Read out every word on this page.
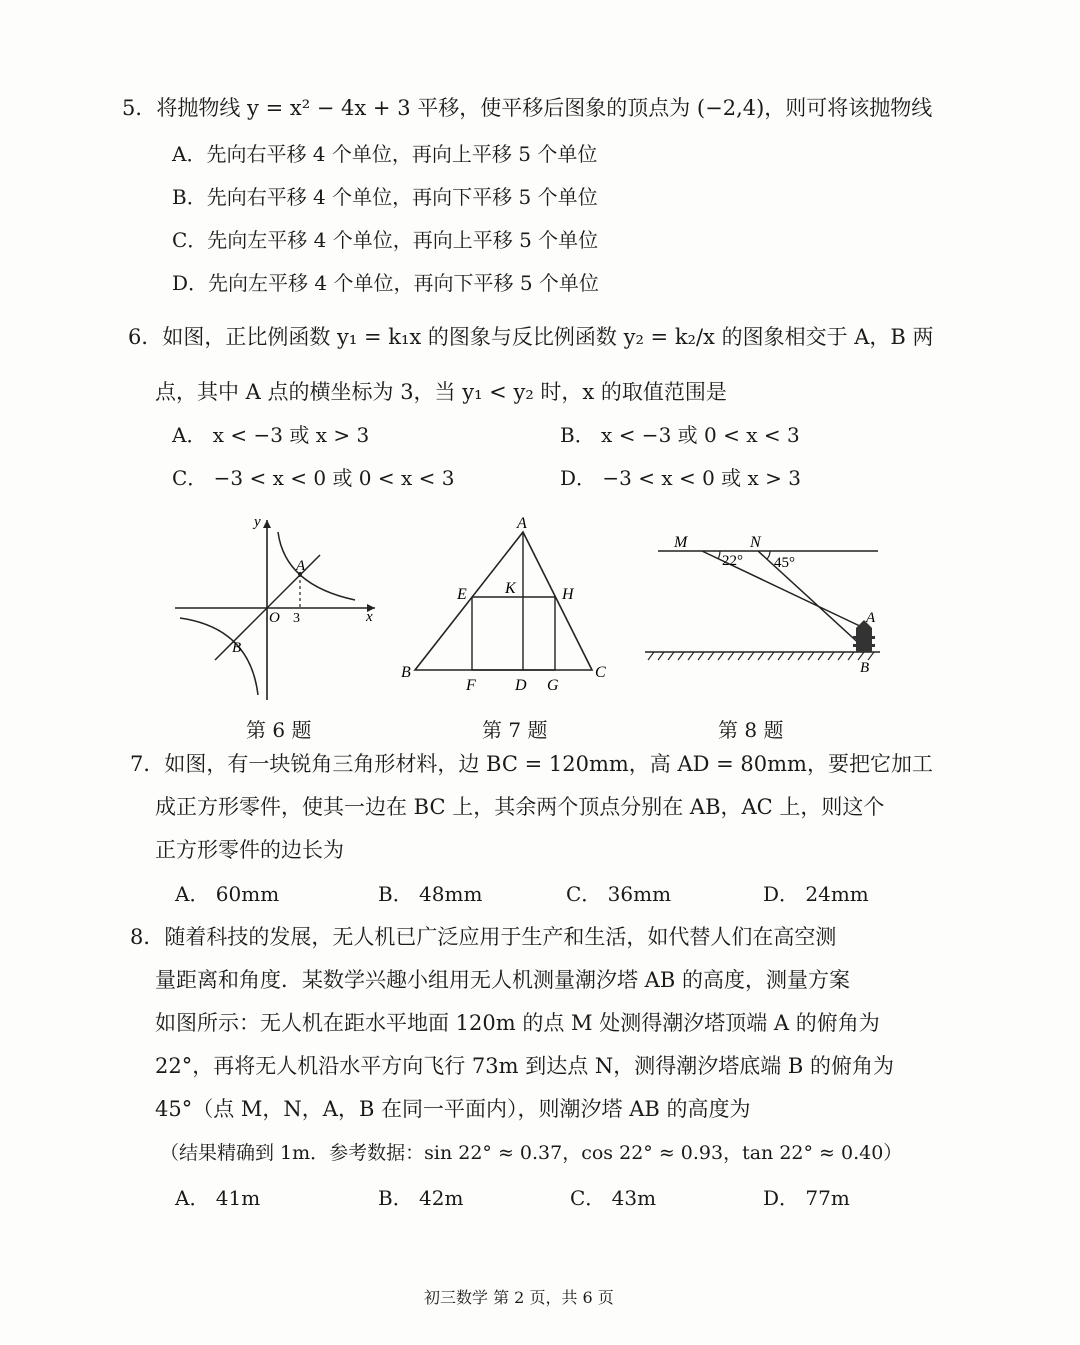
5．将抛物线 y = x² − 4x + 3 平移，使平移后图象的顶点为 (−2,4)，则可将该抛物线
A．先向右平移 4 个单位，再向上平移 5 个单位
B．先向右平移 4 个单位，再向下平移 5 个单位
C．先向左平移 4 个单位，再向上平移 5 个单位
D．先向左平移 4 个单位，再向下平移 5 个单位
6．如图，正比例函数 y₁ = k₁x 的图象与反比例函数 y₂ = k₂/x 的图象相交于 A，B 两
点，其中 A 点的横坐标为 3，当 y₁ < y₂ 时，x 的取值范围是
A． x < −3 或 x > 3	B． x < −3 或 0 < x < 3
C． −3 < x < 0 或 0 < x < 3	D． −3 < x < 0 或 x > 3
y
x
O 3
A
B
第 6 题
A
B	C
D
E
F	G
H
K
第 7 题
M	N
22° 45°
A
B
第 8 题
7．如图，有一块锐角三角形材料，边 BC = 120mm，高 AD = 80mm，要把它加工
成正方形零件，使其一边在 BC 上，其余两个顶点分别在 AB，AC 上，则这个
正方形零件的边长为
A． 60mm	B． 48mm	C． 36mm	D． 24mm
8．随着科技的发展，无人机已广泛应用于生产和生活，如代替人们在高空测
量距离和角度．某数学兴趣小组用无人机测量潮汐塔 AB 的高度，测量方案
如图所示：无人机在距水平地面 120m 的点 M 处测得潮汐塔顶端 A 的俯角为
22°，再将无人机沿水平方向飞行 73m 到达点 N，测得潮汐塔底端 B 的俯角为
45°（点 M，N，A，B 在同一平面内），则潮汐塔 AB 的高度为
（结果精确到 1m．参考数据：sin 22° ≈ 0.37，cos 22° ≈ 0.93，tan 22° ≈ 0.40）
A． 41m	B． 42m	C． 43m	D． 77m
初三数学 第 2 页，共 6 页
